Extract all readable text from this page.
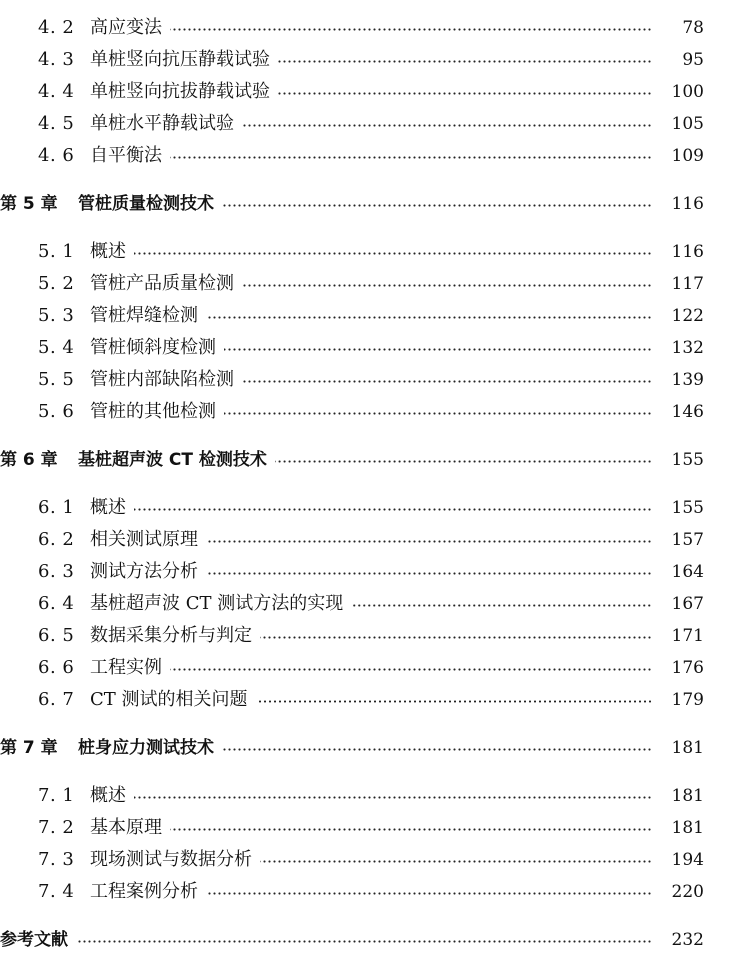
4. 2 高应变法	78
4. 3 单桩竖向抗压静载试验	95
4. 4 单桩竖向抗拔静载试验	100
4. 5 单桩水平静载试验	105
4. 6 自平衡法	109
第 5 章	管桩质量检测技术	116
5. 1 概述	116
5. 2 管桩产品质量检测	117
5. 3 管桩焊缝检测	122
5. 4 管桩倾斜度检测	132
5. 5 管桩内部缺陷检测	139
5. 6 管桩的其他检测	146
第 6 章	基桩超声波 CT 检测技术	155
6. 1 概述	155
6. 2 相关测试原理	157
6. 3 测试方法分析	164
6. 4 基桩超声波 CT 测试方法的实现	167
6. 5 数据采集分析与判定	171
6. 6 工程实例	176
6. 7 CT 测试的相关问题	179
第 7 章	桩身应力测试技术	181
7. 1 概述	181
7. 2 基本原理	181
7. 3 现场测试与数据分析	194
7. 4 工程案例分析	220
参考文献	232
